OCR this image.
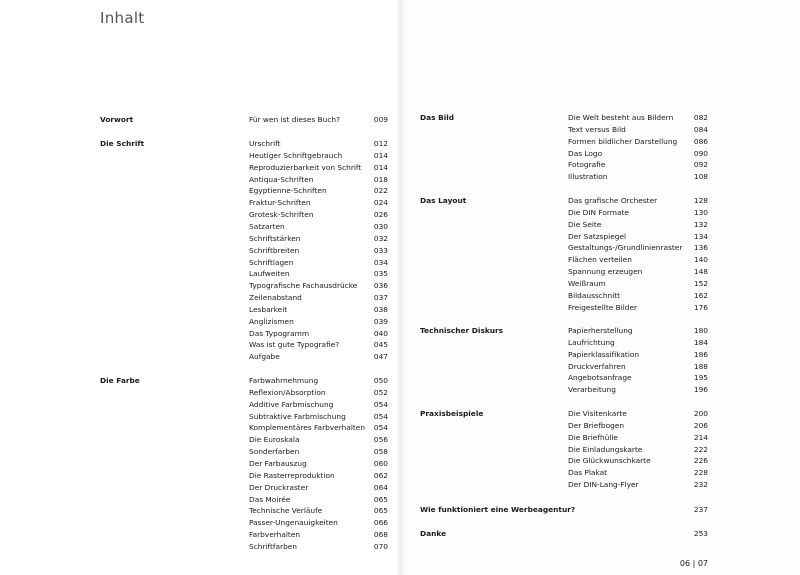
Inhalt
Vorwort	Für wen ist dieses Buch?	009
Die Schrift	Urschrift	012
Heutiger Schriftgebrauch	014
Reproduzierbarkeit von Schrift 014
Antiqua-Schriften	018
Egyptienne-Schriften	022
Fraktur-Schriften	024
Grotesk-Schriften	026
Satzarten	030
Schriftstärken	032
Schriftbreiten	033
Schriftlagen	034
Laufweiten	035
Typografische Fachausdrücke 036
Zeilenabstand	037
Lesbarkeit	038
Anglizismen	039
Das Typogramm	040
Was ist gute Typografie?	045
Aufgabe	047
Die Farbe	Farbwahrnehmung	050
Reflexion/Absorption	052
Additive Farbmischung	054
Subtraktive Farbmischung	054
Komplementäres Farbverhalten 054
Die Euroskala	056
Sonderfarben	058
Der Farbauszug	060
Die Rasterreproduktion	062
Der Druckraster	064
Das Moirée	065
Technische Verläufe	065
Passer-Ungenauigkeiten	066
Farbverhalten	068
Schriftfarben	070
Das Bild	Die Welt besteht aus Bildern	082
Text versus Bild	084
Formen bildlicher Darstellung 086
Das Logo	090
Fotografie	092
Illustration	108
Das Layout	Das grafische Orchester	128
Die DIN Formate	130
Die Seite	132
Der Satzspiegel	134
Gestaltungs-/Grundlinienraster 136
Flächen verteilen	140
Spannung erzeugen	148
Weißraum	152
Bildausschnitt	162
Freigestellte Bilder	176
Technischer Diskurs	Papierherstellung	180
Laufrichtung	184
Papierklassifikation	186
Druckverfahren	188
Angebotsanfrage	195
Verarbeitung	196
Praxisbeispiele	Die Visitenkarte	200
Der Briefbogen	206
Die Briefhülle	214
Die Einladungskarte	222
Die Glückwunschkarte	226
Das Plakat	228
Der DIN-Lang-Flyer	232
Wie funktioniert eine Werbeagentur?	237
Danke	253
06 | 07
